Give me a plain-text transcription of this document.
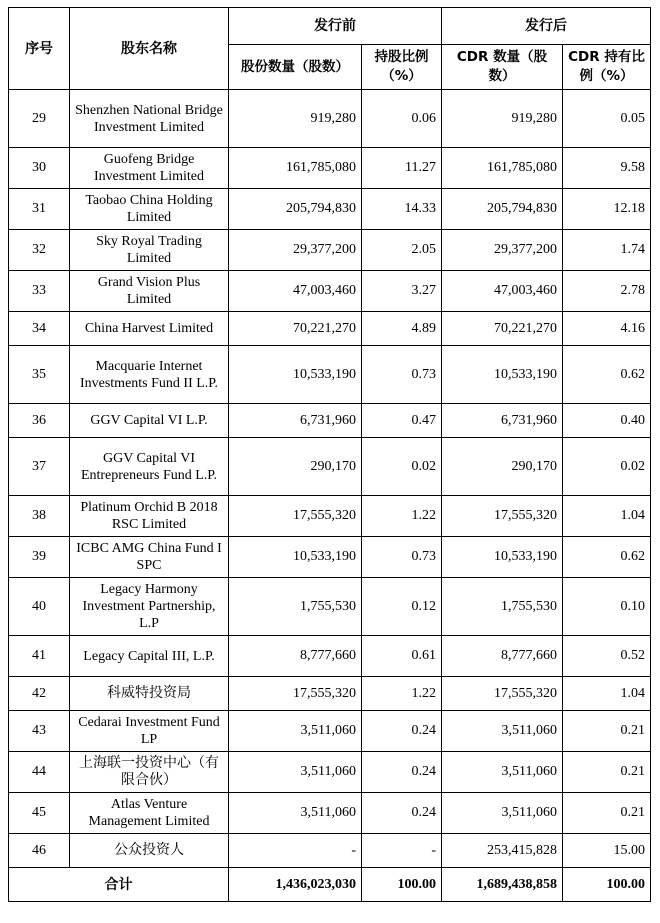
序号	股东名称	发行前		发行后	
		股份数量（股数）	持股比例（%）	CDR 数量（股数）	CDR 持有比例（%）
29	Shenzhen National Bridge Investment Limited	919,280	0.06	919,280	0.05
30	Guofeng Bridge Investment Limited	161,785,080	11.27	161,785,080	9.58
31	Taobao China Holding Limited	205,794,830	14.33	205,794,830	12.18
32	Sky Royal Trading Limited	29,377,200	2.05	29,377,200	1.74
33	Grand Vision Plus Limited	47,003,460	3.27	47,003,460	2.78
34	China Harvest Limited	70,221,270	4.89	70,221,270	4.16
35	Macquarie Internet Investments Fund II L.P.	10,533,190	0.73	10,533,190	0.62
36	GGV Capital VI L.P.	6,731,960	0.47	6,731,960	0.40
37	GGV Capital VI Entrepreneurs Fund L.P.	290,170	0.02	290,170	0.02
38	Platinum Orchid B 2018 RSC Limited	17,555,320	1.22	17,555,320	1.04
39	ICBC AMG China Fund I SPC	10,533,190	0.73	10,533,190	0.62
40	Legacy Harmony Investment Partnership, L.P	1,755,530	0.12	1,755,530	0.10
41	Legacy Capital III, L.P.	8,777,660	0.61	8,777,660	0.52
42	科威特投资局	17,555,320	1.22	17,555,320	1.04
43	Cedarai Investment Fund LP	3,511,060	0.24	3,511,060	0.21
44	上海联一投资中心（有限合伙）	3,511,060	0.24	3,511,060	0.21
45	Atlas Venture Management Limited	3,511,060	0.24	3,511,060	0.21
46	公众投资人	-	-	253,415,828	15.00
合计		1,436,023,030	100.00	1,689,438,858	100.00
